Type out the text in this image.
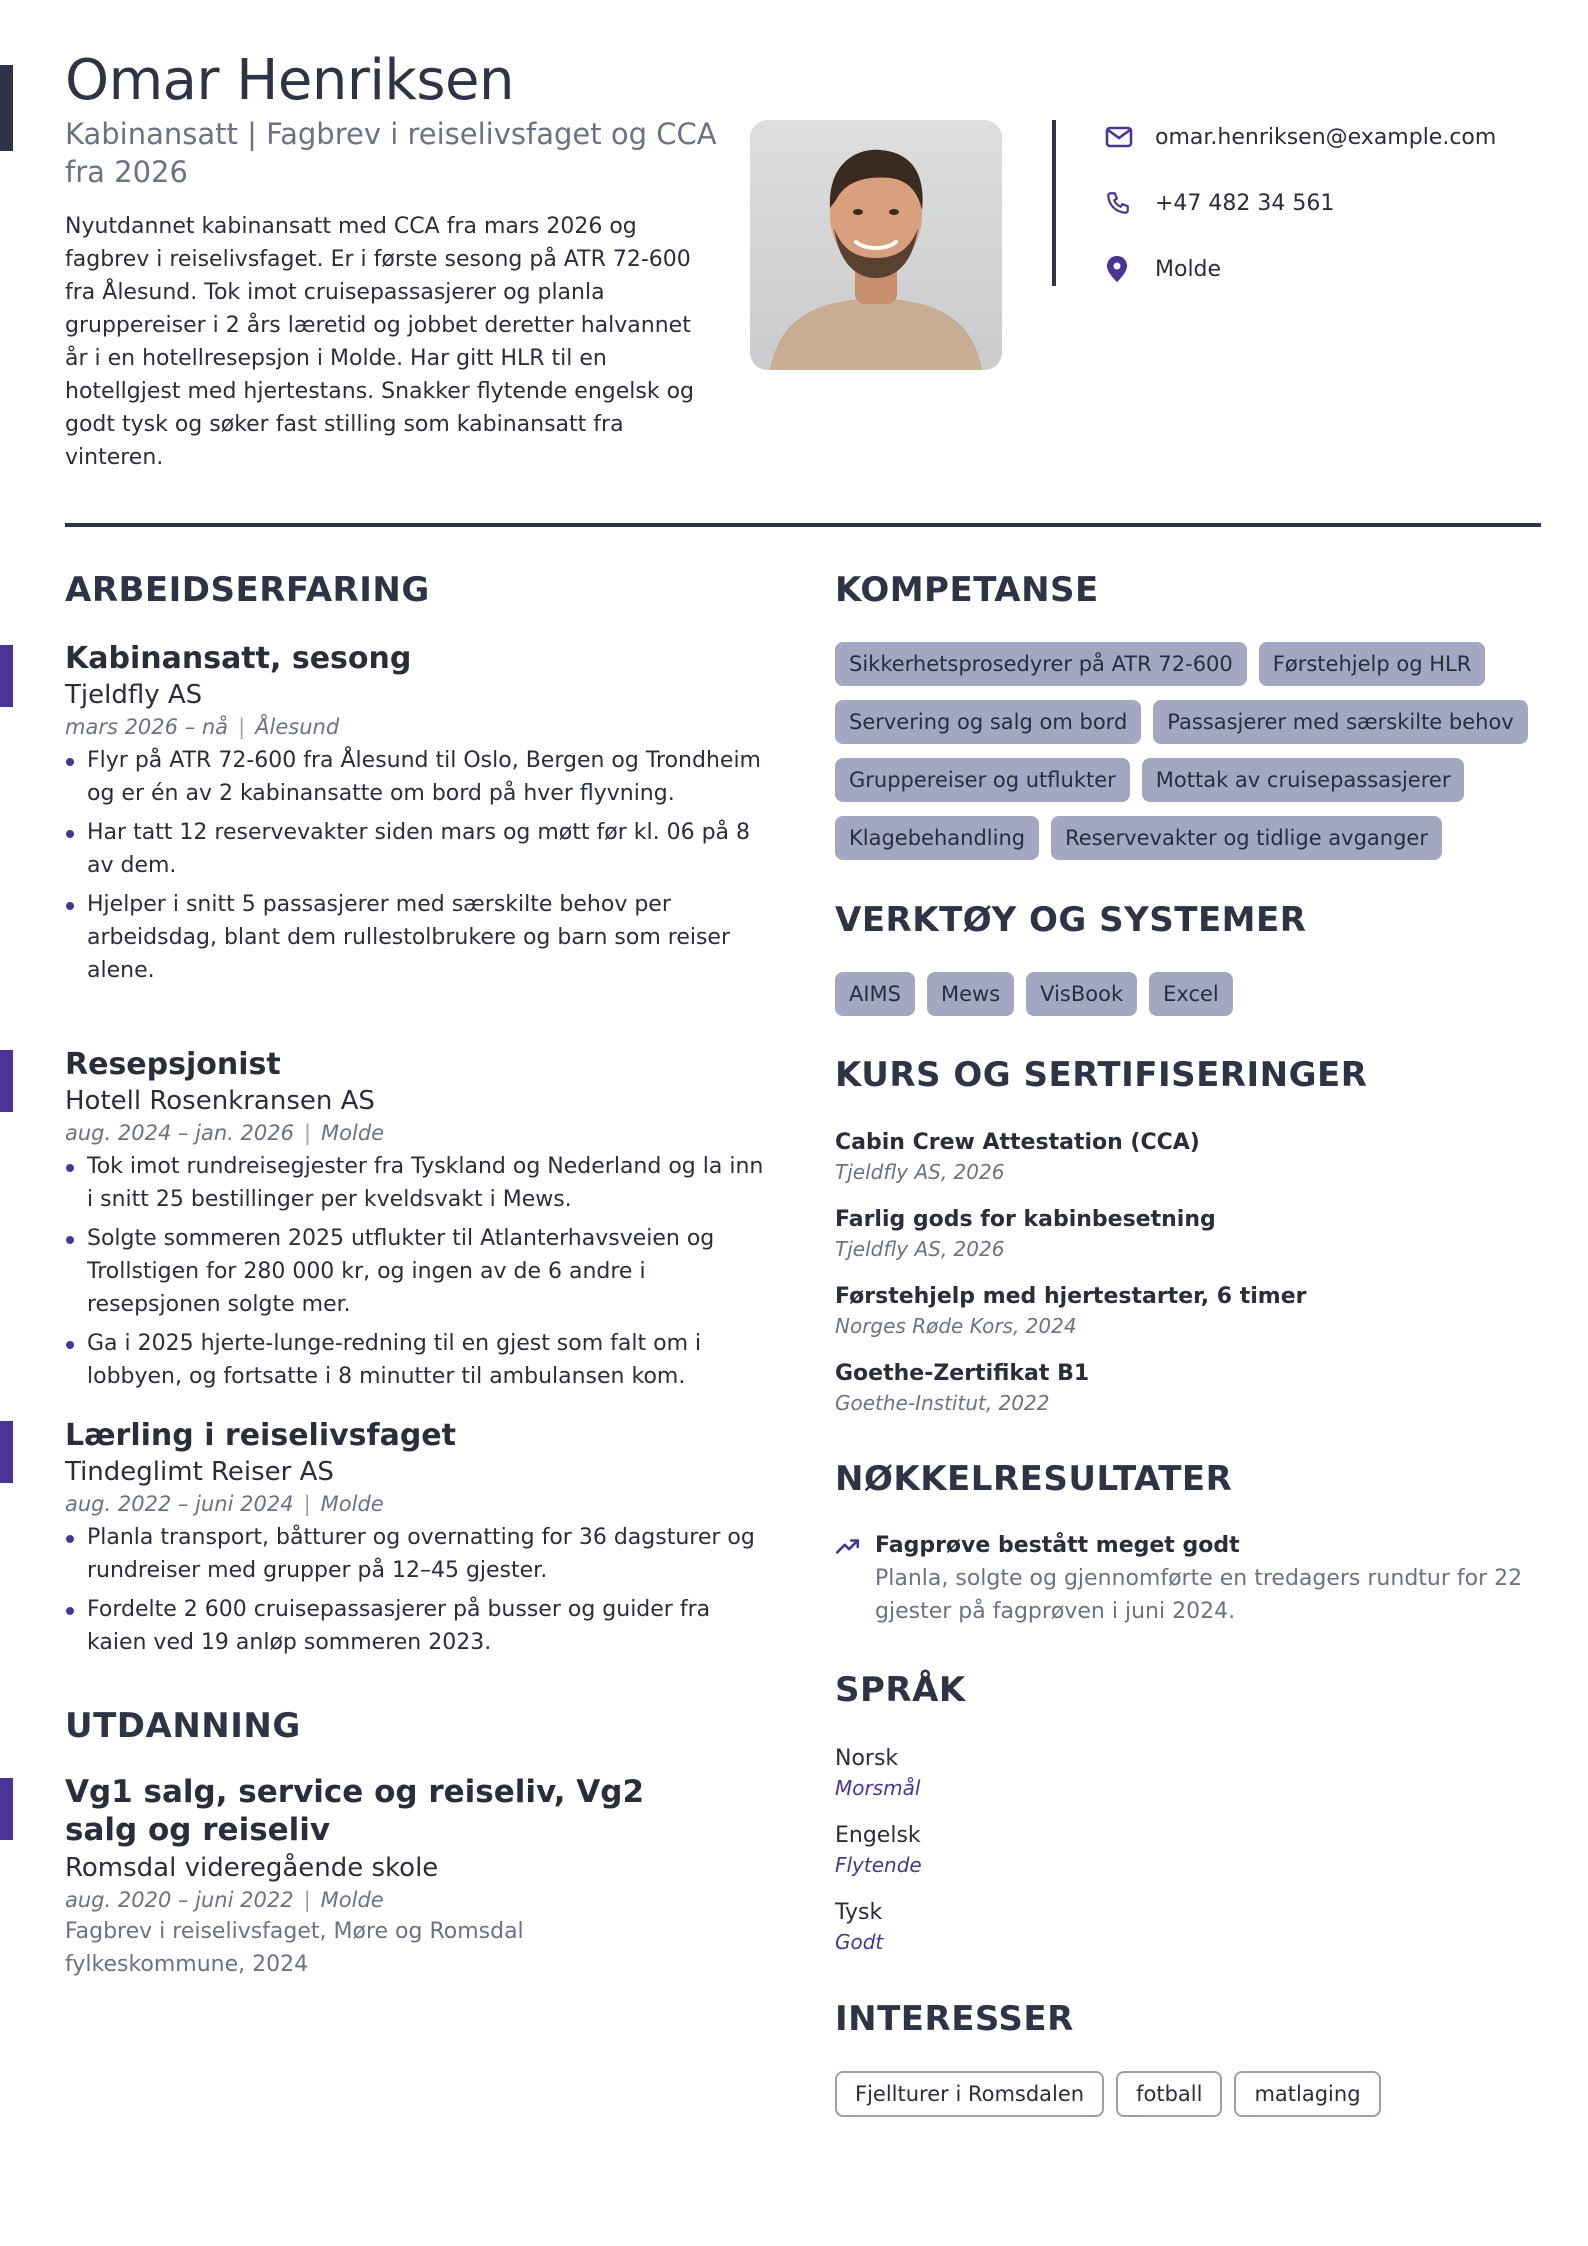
Omar Henriksen
Kabinansatt | Fagbrev i reiselivsfaget og CCA fra 2026

Nyutdannet kabinansatt med CCA fra mars 2026 og fagbrev i reiselivsfaget. Er i første sesong på ATR 72-600 fra Ålesund. Tok imot cruisepassasjerer og planla gruppereiser i 2 års læretid og jobbet deretter halvannet år i en hotellresepsjon i Molde. Har gitt HLR til en hotellgjest med hjertestans. Snakker flytende engelsk og godt tysk og søker fast stilling som kabinansatt fra vinteren.

omar.henriksen@example.com
+47 482 34 561
Molde
ARBEIDSERFARING
Kabinansatt, sesong
Tjeldfly AS
mars 2026 – nå | Ålesund
Flyr på ATR 72-600 fra Ålesund til Oslo, Bergen og Trondheim og er én av 2 kabinansatte om bord på hver flyvning.
Har tatt 12 reservevakter siden mars og møtt før kl. 06 på 8 av dem.
Hjelper i snitt 5 passasjerer med særskilte behov per arbeidsdag, blant dem rullestolbrukere og barn som reiser alene.
Resepsjonist
Hotell Rosenkransen AS
aug. 2024 – jan. 2026 | Molde
Tok imot rundreisegjester fra Tyskland og Nederland og la inn i snitt 25 bestillinger per kveldsvakt i Mews.
Solgte sommeren 2025 utflukter til Atlanterhavsveien og Trollstigen for 280 000 kr, og ingen av de 6 andre i resepsjonen solgte mer.
Ga i 2025 hjerte-lunge-redning til en gjest som falt om i lobbyen, og fortsatte i 8 minutter til ambulansen kom.
Lærling i reiselivsfaget
Tindeglimt Reiser AS
aug. 2022 – juni 2024 | Molde
Planla transport, båtturer og overnatting for 36 dagsturer og rundreiser med grupper på 12–45 gjester.
Fordelte 2 600 cruisepassasjerer på busser og guider fra kaien ved 19 anløp sommeren 2023.
UTDANNING
Vg1 salg, service og reiseliv, Vg2 salg og reiseliv
Romsdal videregående skole
aug. 2020 – juni 2022 | Molde
Fagbrev i reiselivsfaget, Møre og Romsdal fylkeskommune, 2024
KOMPETANSE
Sikkerhetsprosedyrer på ATR 72-600	Førstehjelp og HLR
Servering og salg om bord	Passasjerer med særskilte behov
Gruppereiser og utflukter	Mottak av cruisepassasjerer
Klagebehandling	Reservevakter og tidlige avganger
VERKTØY OG SYSTEMER
AIMS	Mews	VisBook	Excel
KURS OG SERTIFISERINGER
Cabin Crew Attestation (CCA)
Tjeldfly AS, 2026
Farlig gods for kabinbesetning
Tjeldfly AS, 2026
Førstehjelp med hjertestarter, 6 timer
Norges Røde Kors, 2024
Goethe-Zertifikat B1
Goethe-Institut, 2022
NØKKELRESULTATER
Fagprøve bestått meget godt
Planla, solgte og gjennomførte en tredagers rundtur for 22 gjester på fagprøven i juni 2024.
SPRÅK
Norsk
Morsmål
Engelsk
Flytende
Tysk
Godt
INTERESSER
Fjellturer i Romsdalen	fotball	matlaging
